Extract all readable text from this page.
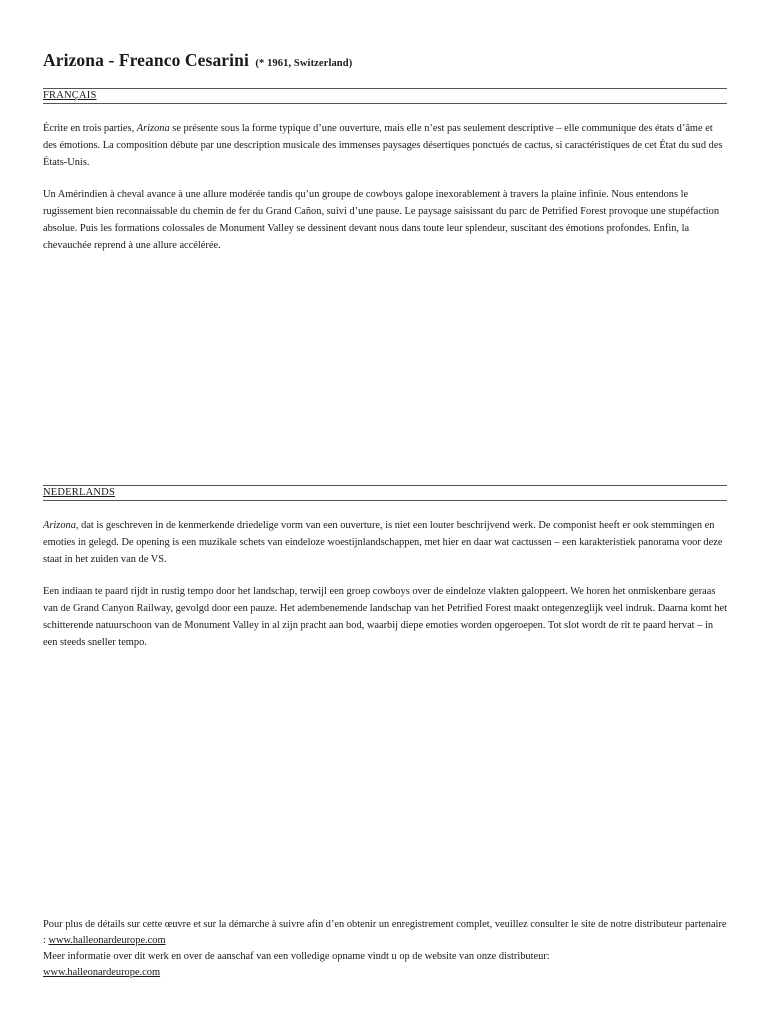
Arizona - Freanco Cesarini (* 1961, Switzerland)
FRANÇAIS

Écrite en trois parties, Arizona se présente sous la forme typique d’une ouverture, mais elle n’est pas seulement descriptive – elle communique des états d’âme et des émotions. La composition débute par une description musicale des immenses paysages désertiques ponctués de cactus, si caractéristiques de cet État du sud des États-Unis.

Un Amérindien à cheval avance à une allure modérée tandis qu’un groupe de cowboys galope inexorablement à travers la plaine infinie. Nous entendons le rugissement bien reconnaissable du chemin de fer du Grand Cañon, suivi d’une pause. Le paysage saisissant du parc de Petrified Forest provoque une stupéfaction absolue. Puis les formations colossales de Monument Valley se dessinent devant nous dans toute leur splendeur, suscitant des émotions profondes. Enfin, la chevauchée reprend à une allure accélérée.

NEDERLANDS

Arizona, dat is geschreven in de kenmerkende driedelige vorm van een ouverture, is niet een louter beschrijvend werk. De componist heeft er ook stemmingen en emoties in gelegd. De opening is een muzikale schets van eindeloze woestijnlandschappen, met hier en daar wat cactussen – een karakteristiek panorama voor deze staat in het zuiden van de VS.

Een indiaan te paard rijdt in rustig tempo door het landschap, terwijl een groep cowboys over de eindeloze vlakten galoppeert. We horen het onmiskenbare geraas van de Grand Canyon Railway, gevolgd door een pauze. Het adembenemende landschap van het Petrified Forest maakt ontegenzeglijk veel indruk. Daarna komt het schitterende natuurschoon van de Monument Valley in al zijn pracht aan bod, waarbij diepe emoties worden opgeroepen. Tot slot wordt de rit te paard hervat – in een steeds sneller tempo.

Pour plus de détails sur cette œuvre et sur la démarche à suivre afin d’en obtenir un enregistrement complet, veuillez consulter le site de notre distributeur partenaire : www.halleonardeurope.com
Meer informatie over dit werk en over de aanschaf van een volledige opname vindt u op de website van onze distributeur:
www.halleonardeurope.com
